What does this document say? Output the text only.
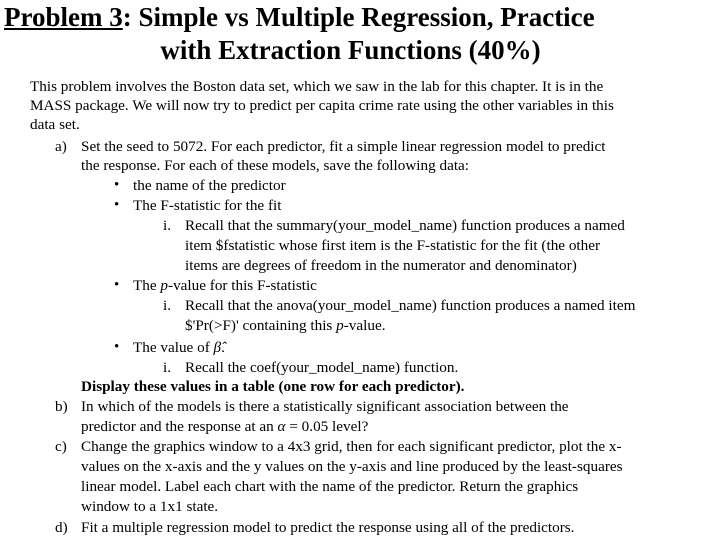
Problem 3: Simple vs Multiple Regression, Practice
with Extraction Functions (40%)
This problem involves the Boston data set, which we saw in the lab for this chapter. It is in the
MASS package. We will now try to predict per capita crime rate using the other variables in this
data set.
a) Set the seed to 5072. For each predictor, fit a simple linear regression model to predict
the response. For each of these models, save the following data:
• the name of the predictor
• The F-statistic for the fit
i. Recall that the summary(your_model_name) function produces a named
item $fstatistic whose first item is the F-statistic for the fit (the other
items are degrees of freedom in the numerator and denominator)
• The p-value for this F-statistic
i. Recall that the anova(your_model_name) function produces a named item
$'Pr(>F)' containing this p-value.
• The value of β̂.
i. Recall the coef(your_model_name) function.
Display these values in a table (one row for each predictor).
b) In which of the models is there a statistically significant association between the
predictor and the response at an α = 0.05 level?
c) Change the graphics window to a 4x3 grid, then for each significant predictor, plot the x-
values on the x-axis and the y values on the y-axis and line produced by the least-squares
linear model. Label each chart with the name of the predictor. Return the graphics
window to a 1x1 state.
d) Fit a multiple regression model to predict the response using all of the predictors.
